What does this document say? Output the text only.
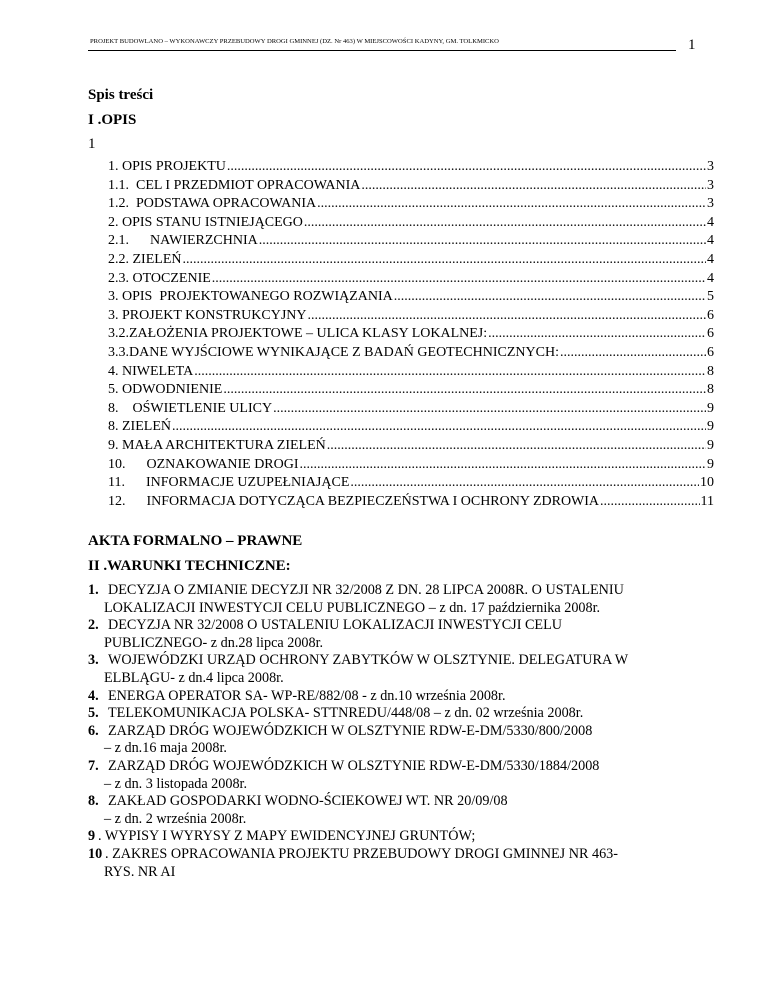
PROJEKT BUDOWLANO – WYKONAWCZY PRZEBUDOWY DROGI GMINNEJ (DZ. Nr 463) W MIEJSCOWOŚCI KADYNY, GM. TOLKMICKO	1
Spis treści
I .OPIS
1
1. OPIS PROJEKTU .....	3
1.1. CEL I PRZEDMIOT OPRACOWANIA .....	3
1.2. PODSTAWA OPRACOWANIA .....	3
2. OPIS STANU ISTNIEJĄCEGO .....	4
2.1. NAWIERZCHNIA .....	4
2.2. ZIELEŃ .....	4
2.3. OTOCZENIE .....	4
3. OPIS  PROJEKTOWANEGO ROZWIĄZANIA .....	5
3. PROJEKT KONSTRUKCYJNY .....	6
3.2. ZAŁOŻENIA PROJEKTOWE – ULICA KLASY LOKALNEJ: .....	6
3.3. DANE WYJŚCIOWE WYNIKAJĄCE Z BADAŃ GEOTECHNICZNYCH: .....	6
4. NIWELETA .....	8
5. ODWODNIENIE .....	8
8. OŚWIETLENIE ULICY .....	9
8. ZIELEŃ .....	9
9. MAŁA ARCHITEKTURA ZIELEŃ .....	9
10. OZNAKOWANIE DROGI .....	9
11. INFORMACJE UZUPEŁNIAJĄCE .....	10
12. INFORMACJA DOTYCZĄCA BEZPIECZEŃSTWA I OCHRONY ZDROWIA .....	11
AKTA FORMALNO – PRAWNE
II .WARUNKI TECHNICZNE:
1. DECYZJA O ZMIANIE DECYZJI NR 32/2008 Z DN. 28 LIPCA 2008R. O USTALENIU
LOKALIZACJI INWESTYCJI CELU PUBLICZNEGO – z dn. 17 października 2008r.
2. DECYZJA NR 32/2008 O USTALENIU LOKALIZACJI INWESTYCJI CELU
PUBLICZNEGO- z dn.28 lipca 2008r.
3. WOJEWÓDZKI URZĄD OCHRONY ZABYTKÓW W OLSZTYNIE. DELEGATURA W
ELBLĄGU- z dn.4 lipca 2008r.
4. ENERGA OPERATOR SA- WP-RE/882/08 - z dn.10 września 2008r.
5. TELEKOMUNIKACJA POLSKA- STTNREDU/448/08 – z dn. 02 września 2008r.
6. ZARZĄD DRÓG WOJEWÓDZKICH W OLSZTYNIE RDW-E-DM/5330/800/2008
– z dn.16 maja 2008r.
7. ZARZĄD DRÓG WOJEWÓDZKICH W OLSZTYNIE RDW-E-DM/5330/1884/2008
– z dn. 3 listopada 2008r.
8. ZAKŁAD GOSPODARKI WODNO-ŚCIEKOWEJ WT. NR 20/09/08
– z dn. 2 września 2008r.
9 . WYPISY I WYRYSY Z MAPY EWIDENCYJNEJ GRUNTÓW;
10 . ZAKRES OPRACOWANIA PROJEKTU PRZEBUDOWY DROGI GMINNEJ NR 463-
RYS. NR AI
